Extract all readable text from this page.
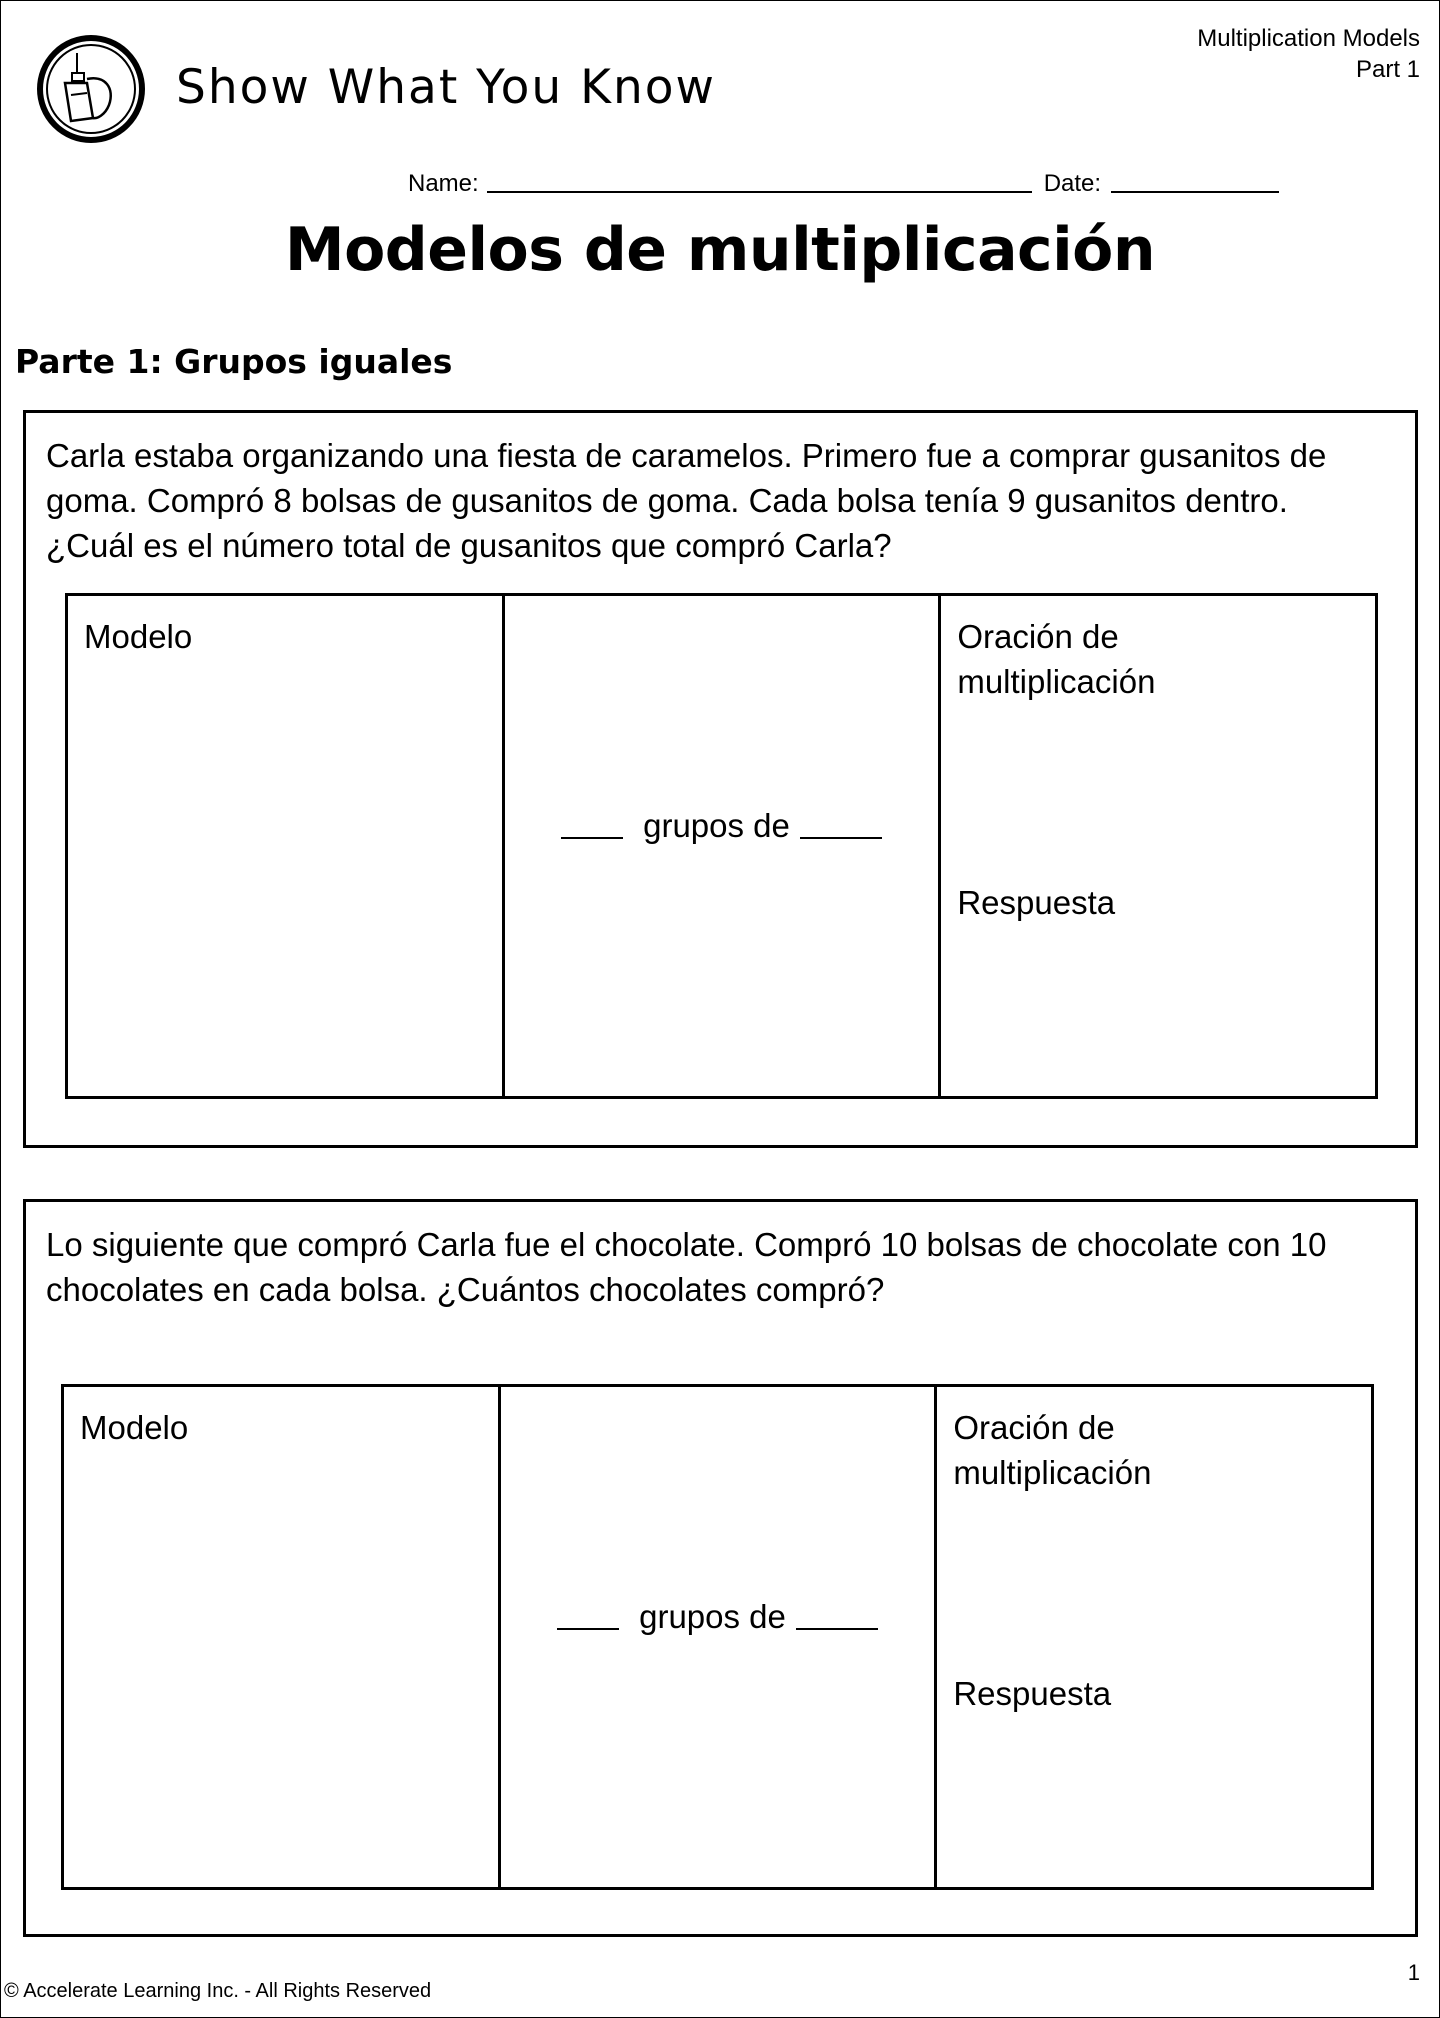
Show What You Know
Multiplication Models
Part 1
Name:	Date:
Modelos de multiplicación
Parte 1: Grupos iguales
Carla estaba organizando una fiesta de caramelos. Primero fue a comprar gusanitos de goma. Compró 8 bolsas de gusanitos de goma. Cada bolsa tenía 9 gusanitos dentro. ¿Cuál es el número total de gusanitos que compró Carla?
Modelo
grupos de
Oración de multiplicación
Respuesta
Lo siguiente que compró Carla fue el chocolate. Compró 10 bolsas de chocolate con 10 chocolates en cada bolsa. ¿Cuántos chocolates compró?
Modelo
grupos de
Oración de multiplicación
Respuesta
1
© Accelerate Learning Inc. - All Rights Reserved
